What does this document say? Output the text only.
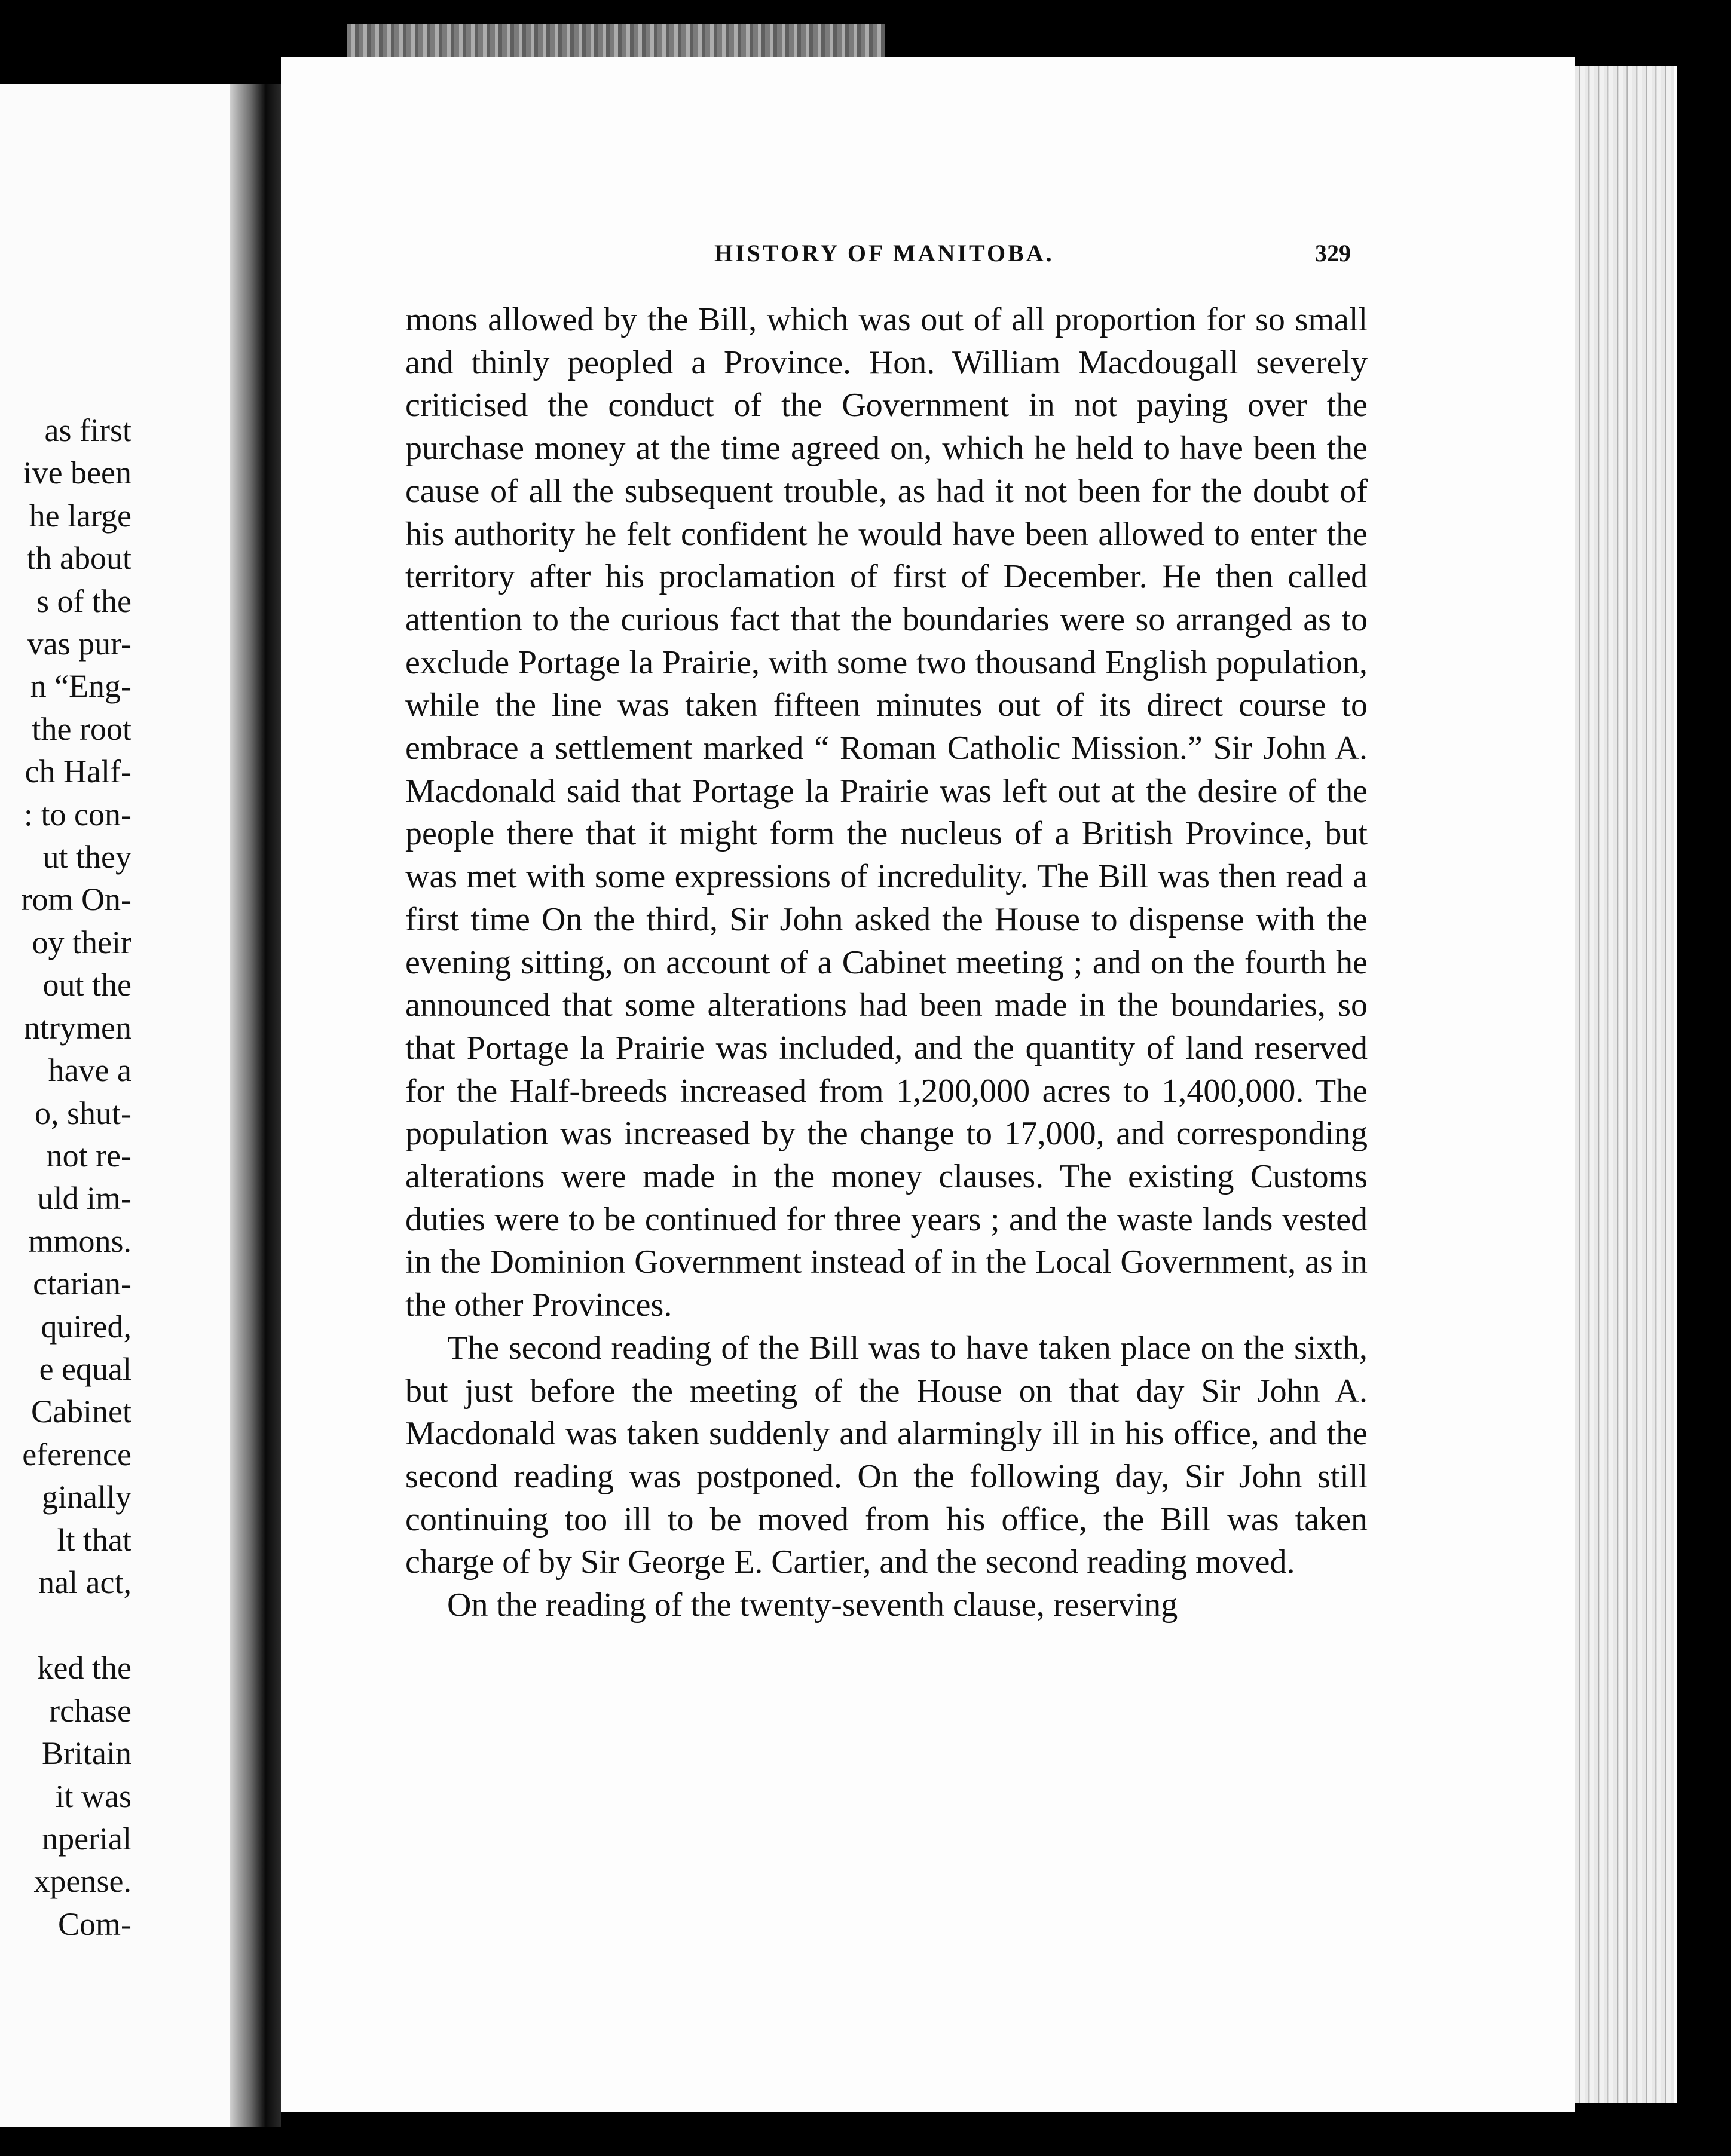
as first
ive been
he large
th about
s of the
vas pur-
n “Eng-
the root
ch Half-
: to con-
ut they
rom On-
oy their
out the
ntrymen
have a
o, shut-
not re-
uld im-
mmons.
ctarian-
quired,
e equal
Cabinet
eference
ginally
lt that
nal act,
ked the
rchase
Britain
it was
nperial
xpense.
Com-
HISTORY OF MANITOBA.	329

mons allowed by the Bill, which was out of all proportion for so small and thinly peopled a Province. Hon. William Macdougall severely criticised the conduct of the Government in not paying over the purchase money at the time agreed on, which he held to have been the cause of all the subsequent trouble, as had it not been for the doubt of his authority he felt confident he would have been allowed to enter the territory after his proclamation of first of December. He then called attention to the curious fact that the boundaries were so arranged as to exclude Portage la Prairie, with some two thousand English population, while the line was taken fifteen minutes out of its direct course to embrace a settlement marked “ Roman Catholic Mission.” Sir John A. Macdonald said that Portage la Prairie was left out at the desire of the people there that it might form the nucleus of a British Province, but was met with some expressions of incredulity. The Bill was then read a first time On the third, Sir John asked the House to dispense with the evening sitting, on account of a Cabinet meeting ; and on the fourth he announced that some alterations had been made in the boundaries, so that Portage la Prairie was included, and the quantity of land reserved for the Half-breeds increased from 1,200,000 acres to 1,400,000. The population was increased by the change to 17,000, and corresponding alterations were made in the money clauses. The existing Customs duties were to be continued for three years ; and the waste lands vested in the Dominion Government instead of in the Local Government, as in the other Provinces.

The second reading of the Bill was to have taken place on the sixth, but just before the meeting of the House on that day Sir John A. Macdonald was taken suddenly and alarmingly ill in his office, and the second reading was postponed. On the following day, Sir John still continuing too ill to be moved from his office, the Bill was taken charge of by Sir George E. Cartier, and the second reading moved.

On the reading of the twenty-seventh clause, reserving
